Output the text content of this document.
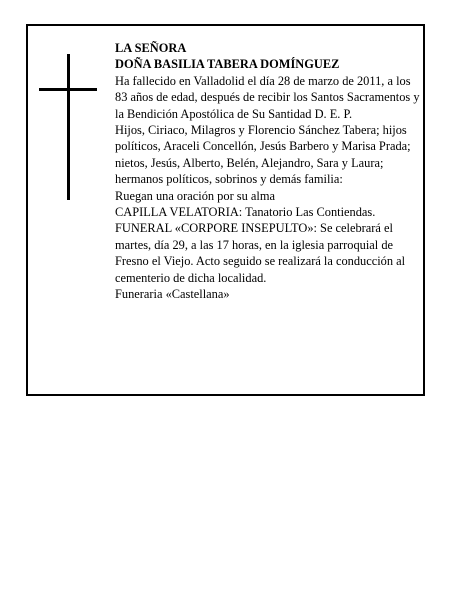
LA SEÑORA

DOÑA BASILIA TABERA DOMÍNGUEZ

Ha fallecido en Valladolid el día 28 de marzo de 2011, a los 83 años de edad, después de recibir los Santos Sacramentos y la Bendición Apostólica de Su Santidad D. E. P.

Hijos, Ciriaco, Milagros y Florencio Sánchez Tabera; hijos políticos, Araceli Concellón, Jesús Barbero y Marisa Prada; nietos, Jesús, Alberto, Belén, Alejandro, Sara y Laura; hermanos políticos, sobrinos y demás familia:

Ruegan una oración por su alma

CAPILLA VELATORIA: Tanatorio Las Contiendas.

FUNERAL «CORPORE INSEPULTO»: Se celebrará el martes, día 29, a las 17 horas, en la iglesia parroquial de Fresno el Viejo. Acto seguido se realizará la conducción al cementerio de dicha localidad.

Funeraria «Castellana»
